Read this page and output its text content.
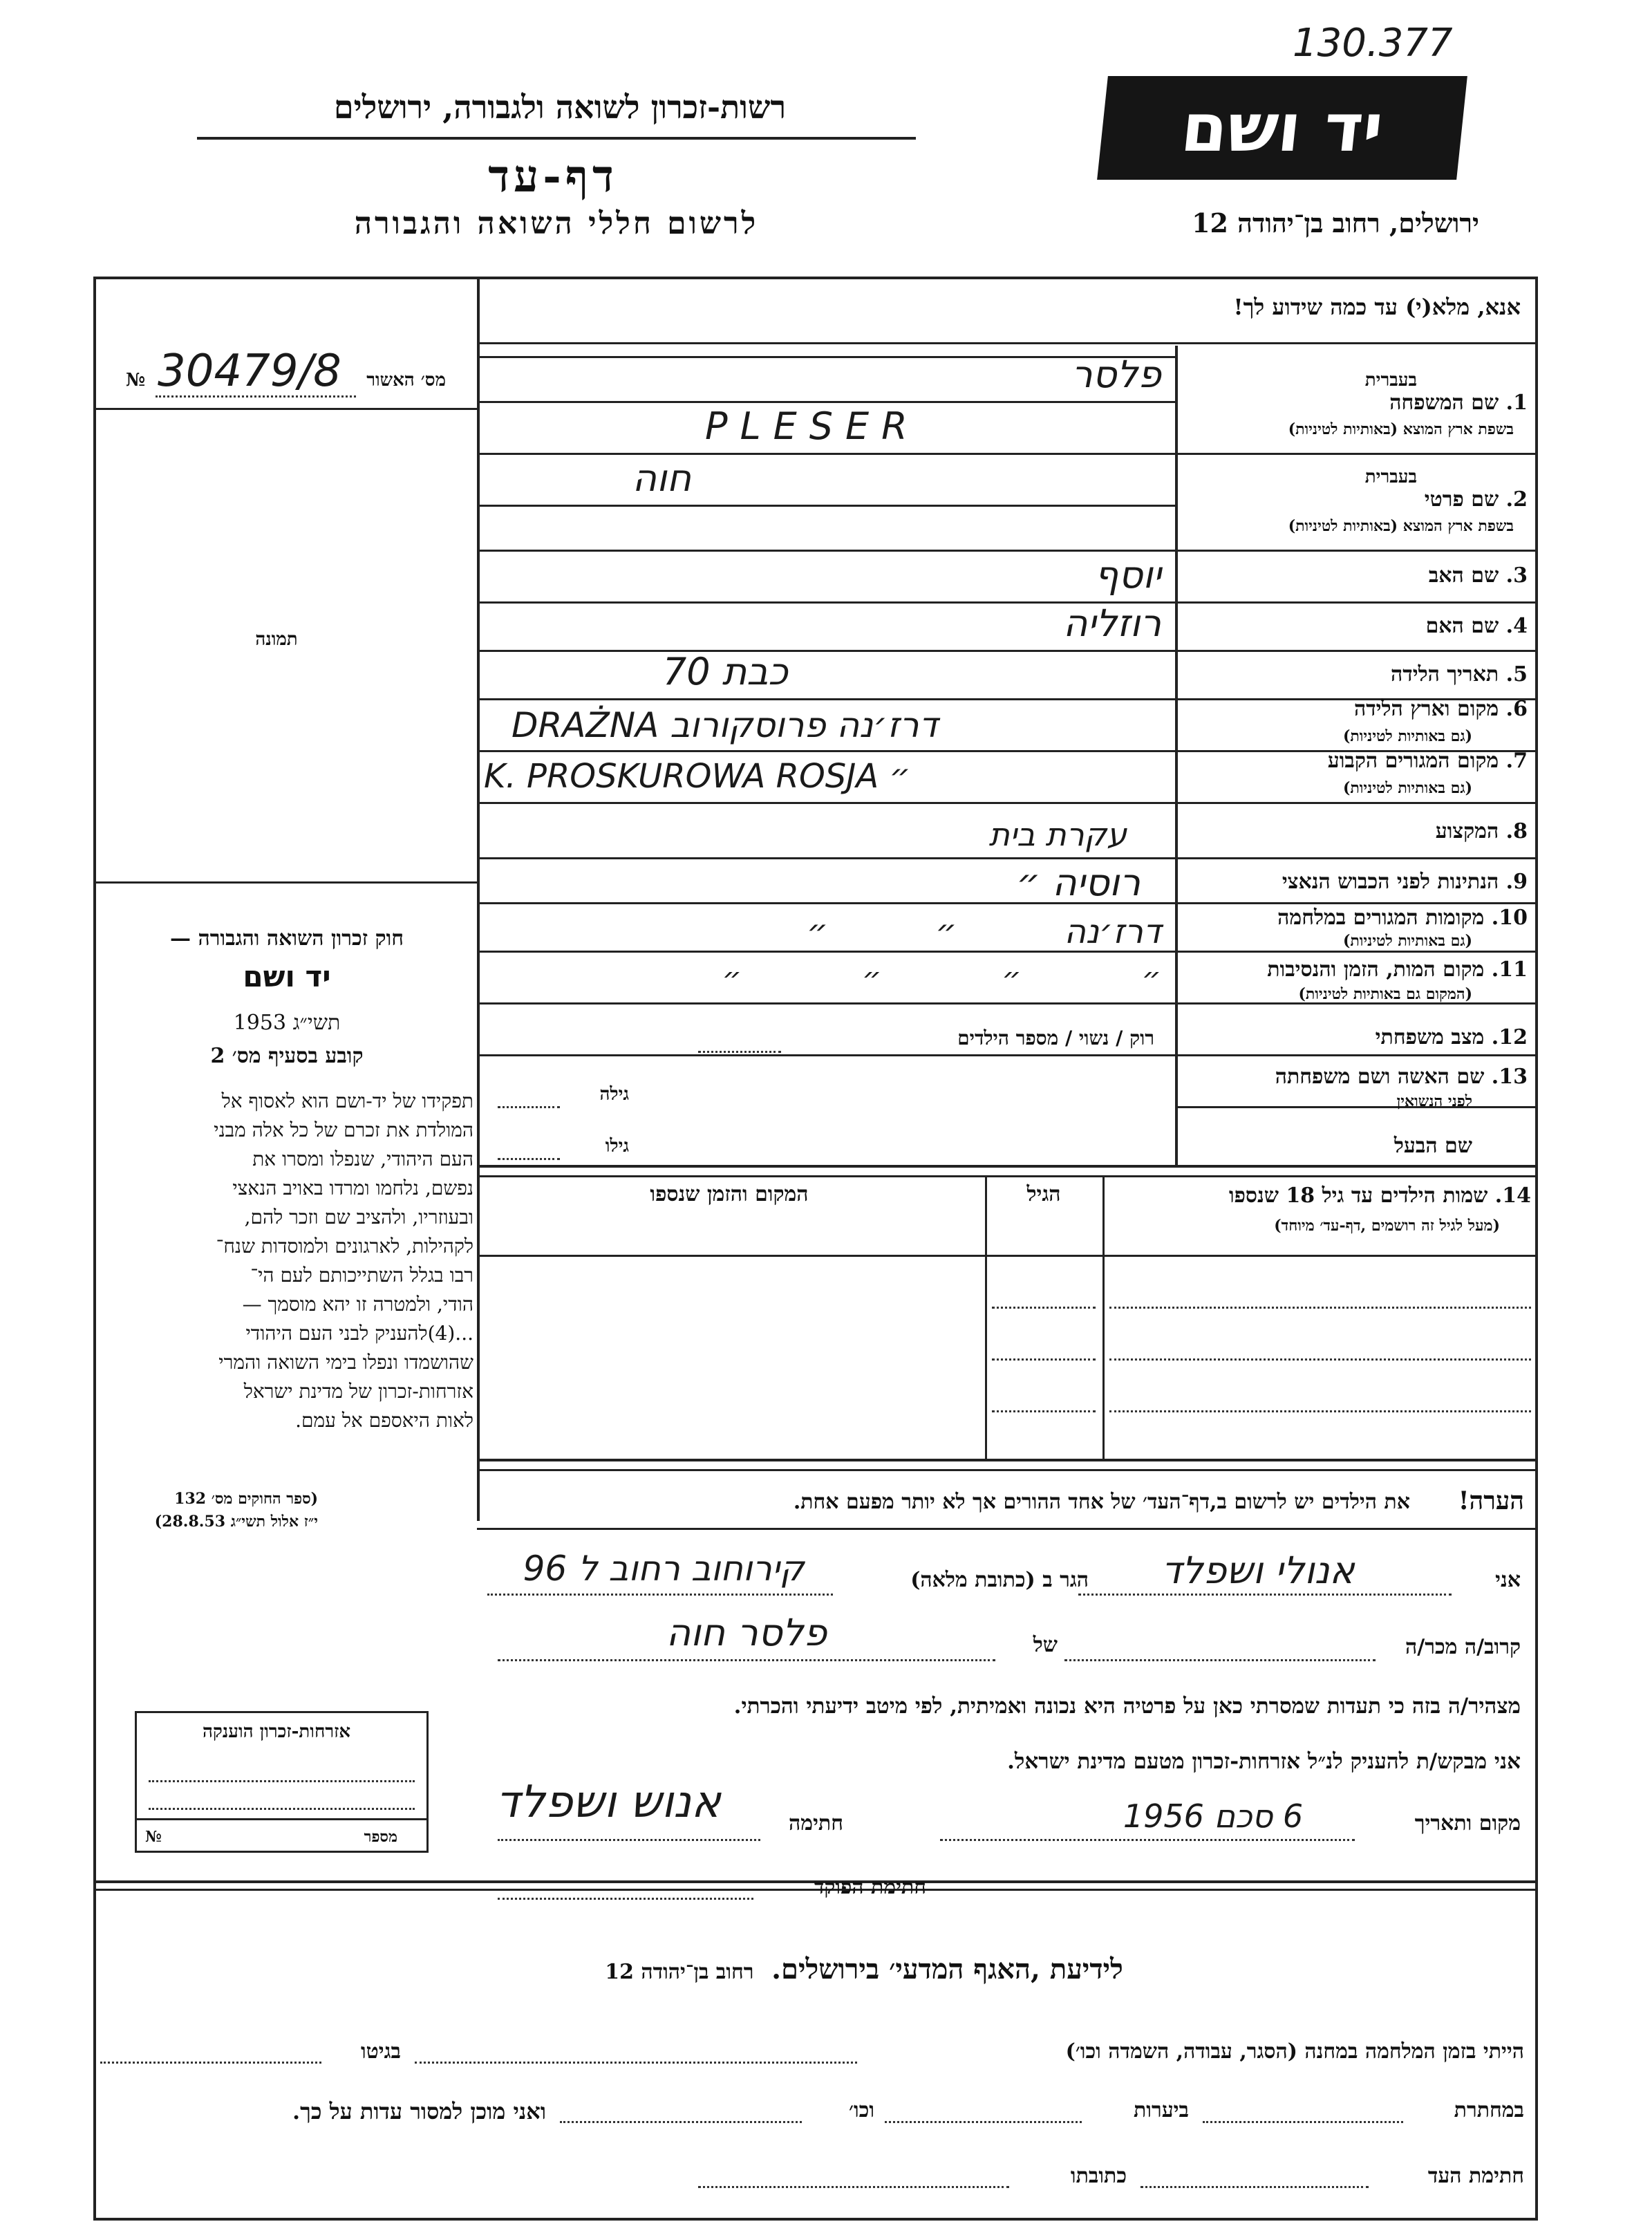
130.377
רשות-זכרון לשואה ולגבורה, ירושלים
דף-עד
לרשום חללי השואה והגבורה
יד ושם
ירושלים, רחוב בן־יהודה 12
אנא, מלא(י) עד כמה שידוע לך!
№ 30479/8	מס׳ האשור
תמונה
חוק זכרון השואה והגבורה —
יד ושם
תשי״ג 1953
קובע בסעיף מס׳ 2
תפקידו של יד-ושם הוא לאסוף אל
המולדת את זכרם של כל אלה מבני
העם היהודי, שנפלו ומסרו את
נפשם, נלחמו ומרדו באויב הנאצי
ובעוזריו, ולהציב שם וזכר להם,
לקהילות, לארגונים ולמוסדות שנח־
רבו בגלל השתייכותם לעם הי־
הודי, ולמטרה זו יהא מוסמך —
...(4)להעניק לבני העם היהודי
שהושמדו ונפלו בימי השואה והמרי
אזרחות-זכרון של מדינת ישראל
לאות היאספם אל עמם.
(ספר החוקים מס׳ 132
י״ז אלול תשי״ג 28.8.53)
אזרחות-זכרון הוענקה
№	מספר
בעברית
1. שם המשפחה
בשפת ארץ המוצא (באותיות לטיניות)
פלסר
PLESER
בעברית
2. שם פרטי
בשפת ארץ המוצא (באותיות לטיניות)
חוה
3. שם האב
יוסף
4. שם האם
רוזליה
5. תאריך הלידה
כבת 70
6. מקום וארץ הלידה
(גם באותיות לטיניות)
DRAŻNA דרז׳נה פרוסקורוב
7. מקום המגורים הקבוע
(גם באותיות לטיניות)
K. PROSKUROWA ROSJA ״
8. המקצוע
עקרת בית
9. הנתינות לפני הכבוש הנאצי
רוסיה ״
10. מקומות המגורים במלחמה
(גם באותיות לטיניות)
דרז׳נה ״ ״
11. מקום המות, הזמן והנסיבות
(המקום גם באותיות לטיניות)
״ ״ ״ ״
12. מצב משפחתי
רוק / נשוי / מספר הילדים
13. שם האשה ושם משפחתה
לפני הנשואין
גילה
שם הבעל
גילו
14. שמות הילדים עד גיל 18 שנספו
(מעל לגיל זה רושמים ,דף-עד׳ מיוחד)
הגיל
המקום והזמן שנספו
הערה!
את הילדים יש לרשום ב,דף־העד׳ של אחד ההורים אך לא יותר מפעם אחת.
אני
אנולי ושפלד
הגר ב (כתובת מלאה)
קירוחוב רחוב ל 96
קרוב/ה מכר/ה
של
פלסר חוה
מצהיר/ה בזה כי תעדות שמסרתי כאן על פרטיה היא נכונה ואמיתית, לפי מיטב ידיעתי והכרתי.
אני מבקש/ת להעניק לנ״ל אזרחות-זכרון מטעם מדינת ישראל.
מקום ותאריך
6 סכם 1956
חתימה
אנוש ושפלד
חתימת הפוקד
לידיעת ,האגף המדעי׳ בירושלים. רחוב בן־יהודה 12
הייתי בזמן המלחמה במחנה (הסגר, עבודה, השמדה וכו׳)
בגיטו
במחתרת
ביערות
וכו׳
ואני מוכן למסור עדות על כך.
חתימת העד
כתובתו
